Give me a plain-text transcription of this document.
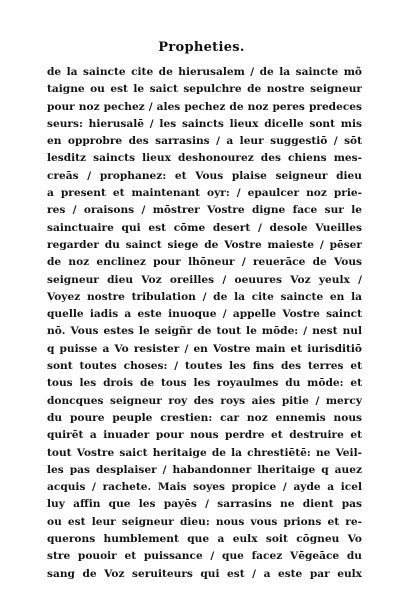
Propheties.
de la saincte cite de hierusalem / de la saincte mõ
taigne ou est le saict sepulchre de nostre seigneur
pour noz pechez / ales pechez de noz peres predeces
seurs: hierusalē / les saincts lieux dicelle sont mis
en opprobre des sarrasins / a leur suggestiō / sōt
lesditz saincts lieux deshonourez des chiens mes-
creās / prophanez: et Vous plaise seigneur dieu
a present et maintenant oyr: / epaulcer noz prie-
res / oraisons / mōstrer Vostre digne face sur le
sainctuaire qui est cōme desert / desole Vueilles
regarder du sainct siege de Vostre maieste / pēser
de noz enclinez pour lhōneur / reuerāce de Vous
seigneur dieu Voz oreilles / oeuures Voz yeulx /
Voyez nostre tribulation / de la cite saincte en la
quelle iadis a este inuoque / appelle Vostre sainct
nō. Vous estes le seigñr de tout le mōde: / nest nul
q puisse a Vo resister / en Vostre main et iurisditiō
sont toutes choses: / toutes les fins des terres et
tous les drois de tous les royaulmes du mōde: et
doncques seigneur roy des roys aies pitie / mercy
du poure peuple crestien: car noz ennemis nous
quirēt a inuader pour nous perdre et destruire et
tout Vostre saict heritaige de la chrestiētē: ne Veil-
les pas desplaiser / habandonner lheritaige q auez
acquis / rachete. Mais soyes propice / ayde a icel
luy affin que les payēs / sarrasins ne dient pas
ou est leur seigneur dieu: nous vous prions et re-
querons humblement que a eulx soit cōgneu Vo
stre pouoir et puissance / que facez Vēgeāce du
sang de Voz seruiteurs qui est / a este par eulx
